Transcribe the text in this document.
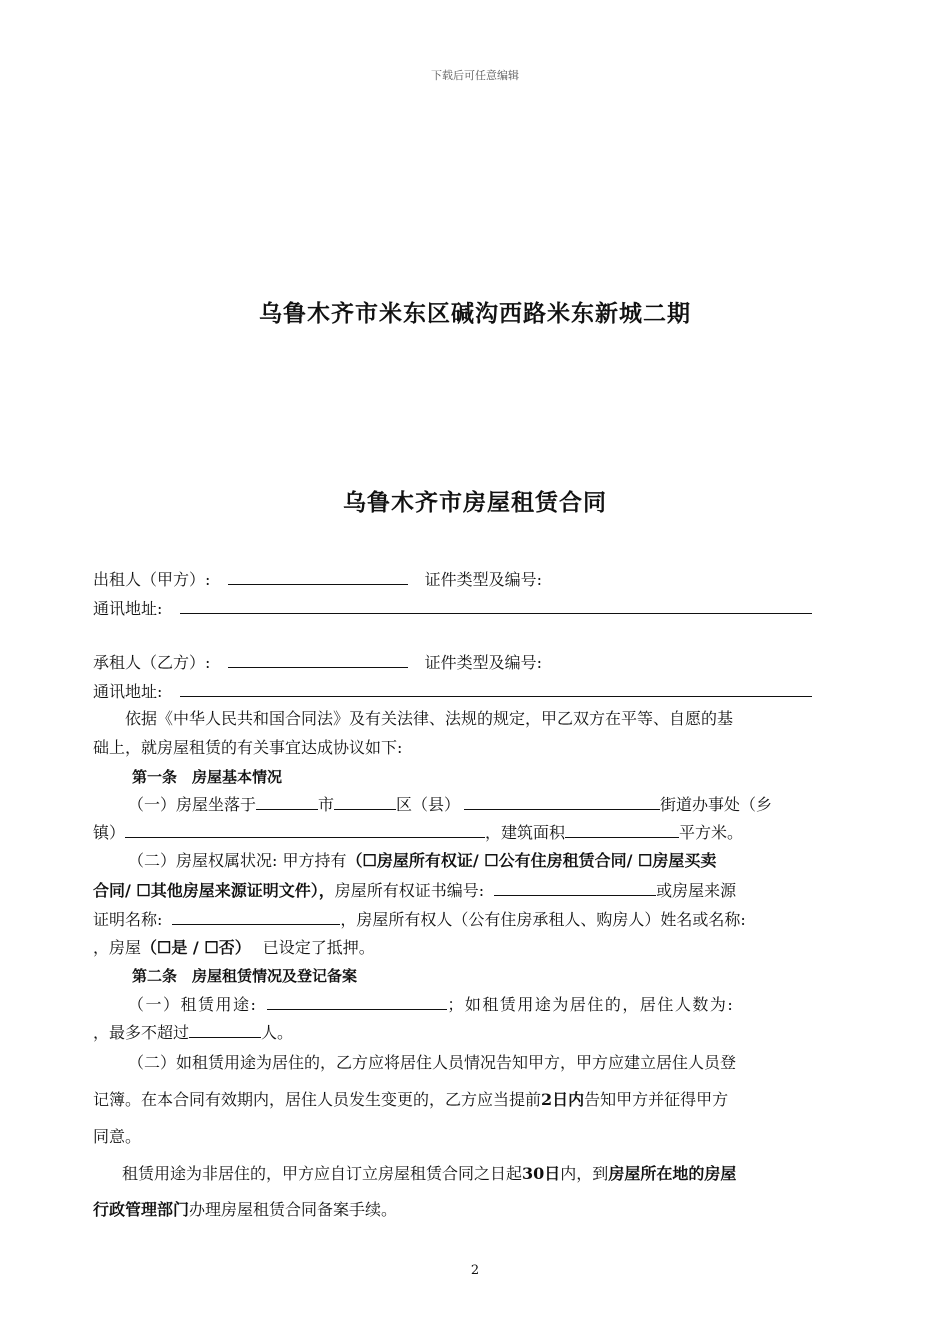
下载后可任意编辑
乌鲁木齐市米东区碱沟西路米东新城二期
乌鲁木齐市房屋租赁合同
出租人（甲方）:	证件类型及编号:
通讯地址:
承租人（乙方）:	证件类型及编号:
通讯地址:
依据《中华人民共和国合同法》及有关法律、法规的规定，甲乙双方在平等、自愿的基
础上，就房屋租赁的有关事宜达成协议如下:
第一条　房屋基本情况
（一）房屋坐落于	市	区（县）	街道办事处（乡
镇）	，建筑面积	平方米。
（二）房屋权属状况: 甲方持有（☐房屋所有权证/ ☐公有住房租赁合同/ ☐房屋买卖
合同/ ☐其他房屋来源证明文件），房屋所有权证书编号:	或房屋来源
证明名称:	，房屋所有权人（公有住房承租人、购房人）姓名或名称:
，房屋（☐是 / ☐否） 已设定了抵押。
第二条　房屋租赁情况及登记备案
（一）租赁用途:	；如租赁用途为居住的，居住人数为:
，最多不超过	人。
（二）如租赁用途为居住的，乙方应将居住人员情况告知甲方，甲方应建立居住人员登
记簿。在本合同有效期内，居住人员发生变更的，乙方应当提前2日内告知甲方并征得甲方
同意。
租赁用途为非居住的，甲方应自订立房屋租赁合同之日起30日内，到房屋所在地的房屋
行政管理部门办理房屋租赁合同备案手续。
2
